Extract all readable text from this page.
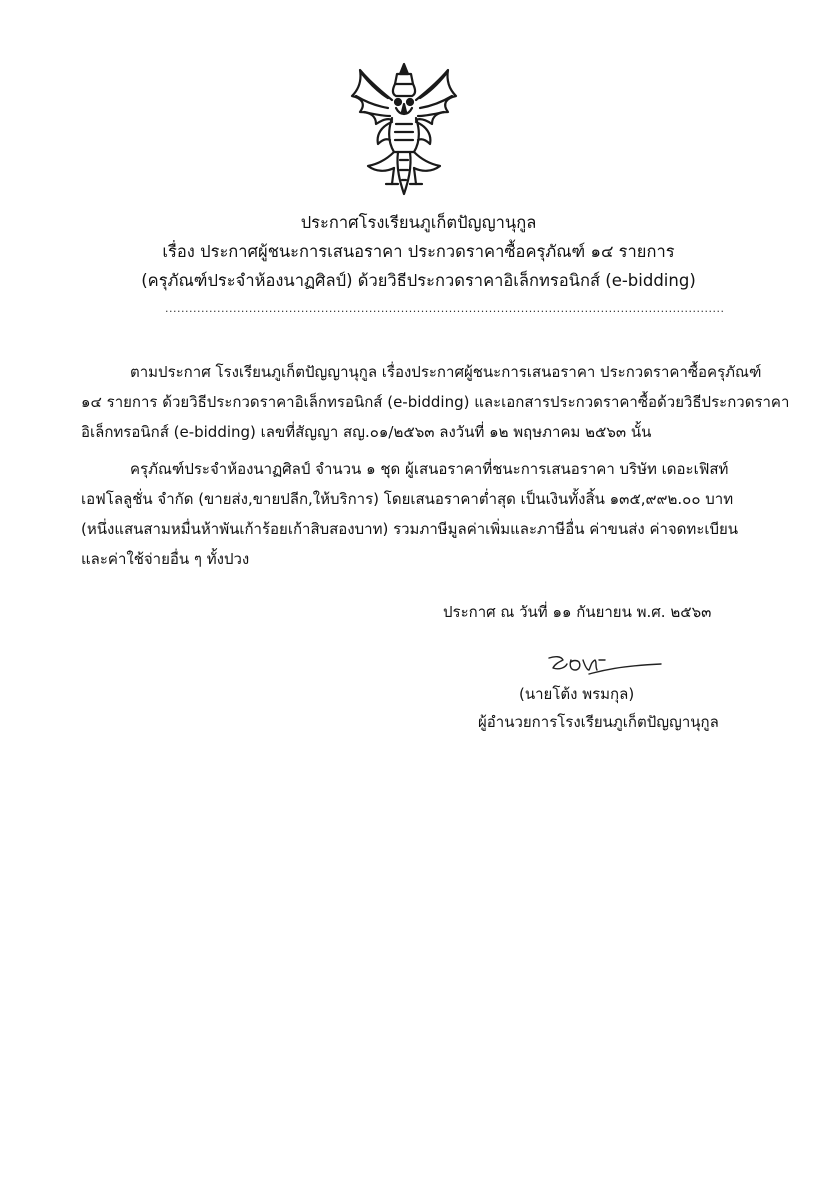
ประกาศโรงเรียนภูเก็ตปัญญานุกูล
เรื่อง ประกาศผู้ชนะการเสนอราคา ประกวดราคาซื้อครุภัณฑ์ ๑๔ รายการ
(ครุภัณฑ์ประจำห้องนาฏศิลป์) ด้วยวิธีประกวดราคาอิเล็กทรอนิกส์ (e-bidding)
............................................................................................................................................
ตามประกาศ โรงเรียนภูเก็ตปัญญานุกูล เรื่องประกาศผู้ชนะการเสนอราคา ประกวดราคาซื้อครุภัณฑ์
๑๔ รายการ ด้วยวิธีประกวดราคาอิเล็กทรอนิกส์ (e-bidding) และเอกสารประกวดราคาซื้อด้วยวิธีประกวดราคา
อิเล็กทรอนิกส์ (e-bidding) เลขที่สัญญา สญ.๐๑/๒๕๖๓ ลงวันที่ ๑๒ พฤษภาคม ๒๕๖๓ นั้น
ครุภัณฑ์ประจำห้องนาฏศิลป์ จำนวน ๑ ชุด ผู้เสนอราคาที่ชนะการเสนอราคา บริษัท เดอะเฟิสท์
เอฟโลลูชั่น จำกัด (ขายส่ง,ขายปลีก,ให้บริการ) โดยเสนอราคาต่ำสุด เป็นเงินทั้งสิ้น ๑๓๕,๙๙๒.๐๐ บาท
(หนึ่งแสนสามหมื่นห้าพันเก้าร้อยเก้าสิบสองบาท) รวมภาษีมูลค่าเพิ่มและภาษีอื่น ค่าขนส่ง ค่าจดทะเบียน
และค่าใช้จ่ายอื่น ๆ ทั้งปวง
ประกาศ ณ วันที่ ๑๑ กันยายน พ.ศ. ๒๕๖๓
(นายโต้ง พรมกุล)
ผู้อำนวยการโรงเรียนภูเก็ตปัญญานุกูล
